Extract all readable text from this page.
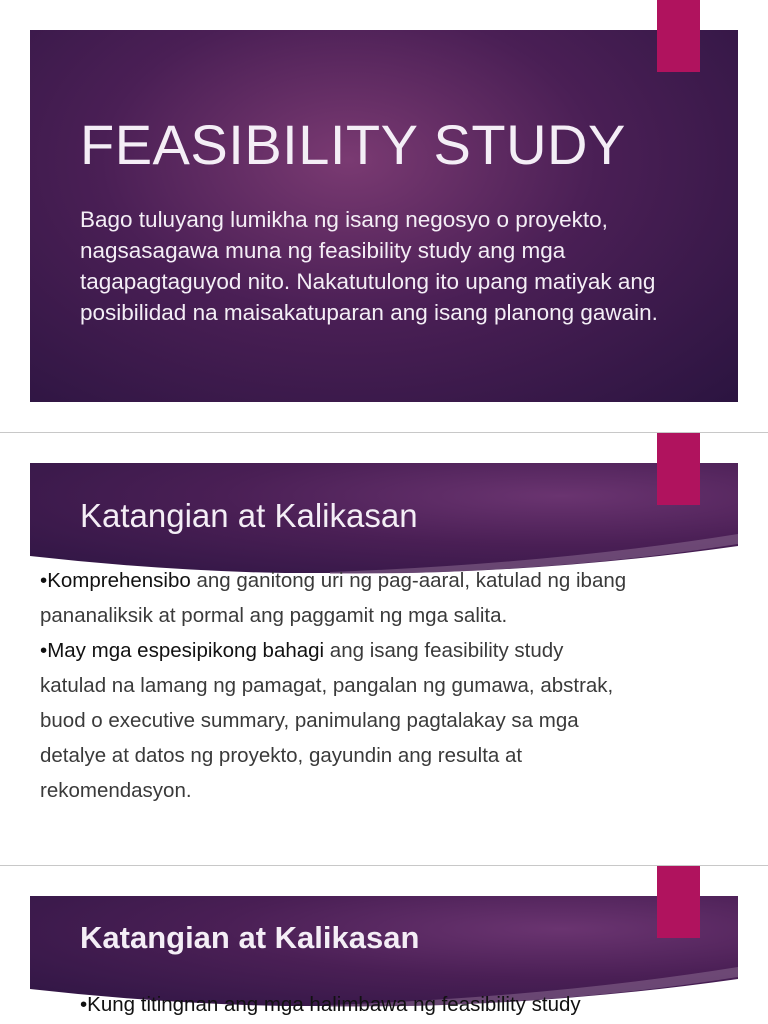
FEASIBILITY STUDY

Bago tuluyang lumikha ng isang negosyo o proyekto, nagsasagawa muna ng feasibility study ang mga tagapagtaguyod nito. Nakatutulong ito upang matiyak ang posibilidad na maisakatuparan ang isang planong gawain.

Katangian at Kalikasan
•Komprehensibo ang ganitong uri ng pag-aaral, katulad ng ibang pananaliksik at pormal ang paggamit ng mga salita.
•May mga espesipikong bahagi ang isang feasibility study katulad na lamang ng pamagat, pangalan ng gumawa, abstrak, buod o executive summary, panimulang pagtalakay sa mga detalye at datos ng proyekto, gayundin ang resulta at rekomendasyon.
Katangian at Kalikasan

•Kung titingnan ang mga halimbawa ng feasibility study
